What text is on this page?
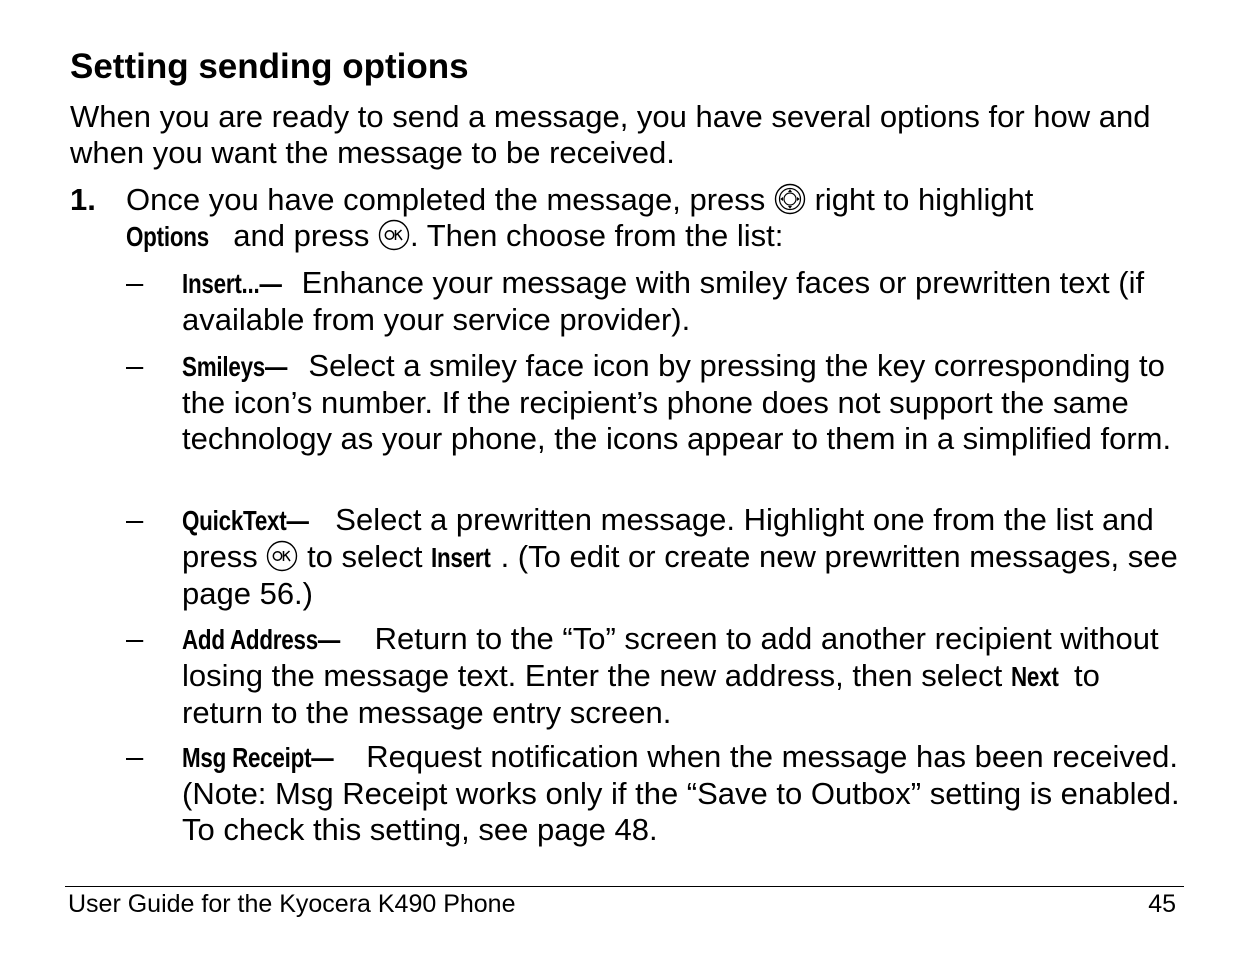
Setting sending options

When you are ready to send a message, you have several options for how and when you want the message to be received.

1. Once you have completed the message, press right to highlight
Options and press . Then choose from the list:

– Insert...— Enhance your message with smiley faces or prewritten text (if available from your service provider).

– Smileys— Select a smiley face icon by pressing the key corresponding to the icon’s number. If the recipient’s phone does not support the same technology as your phone, the icons appear to them in a simplified form.

– QuickText— Select a prewritten message. Highlight one from the list and press to select Insert . (To edit or create new prewritten messages, see page 56.)

– Add Address— Return to the “To” screen to add another recipient without losing the message text. Enter the new address, then select Next to return to the message entry screen.

– Msg Receipt— Request notification when the message has been received. (Note: Msg Receipt works only if the “Save to Outbox” setting is enabled. To check this setting, see page 48.

User Guide for the Kyocera K490 Phone	45
